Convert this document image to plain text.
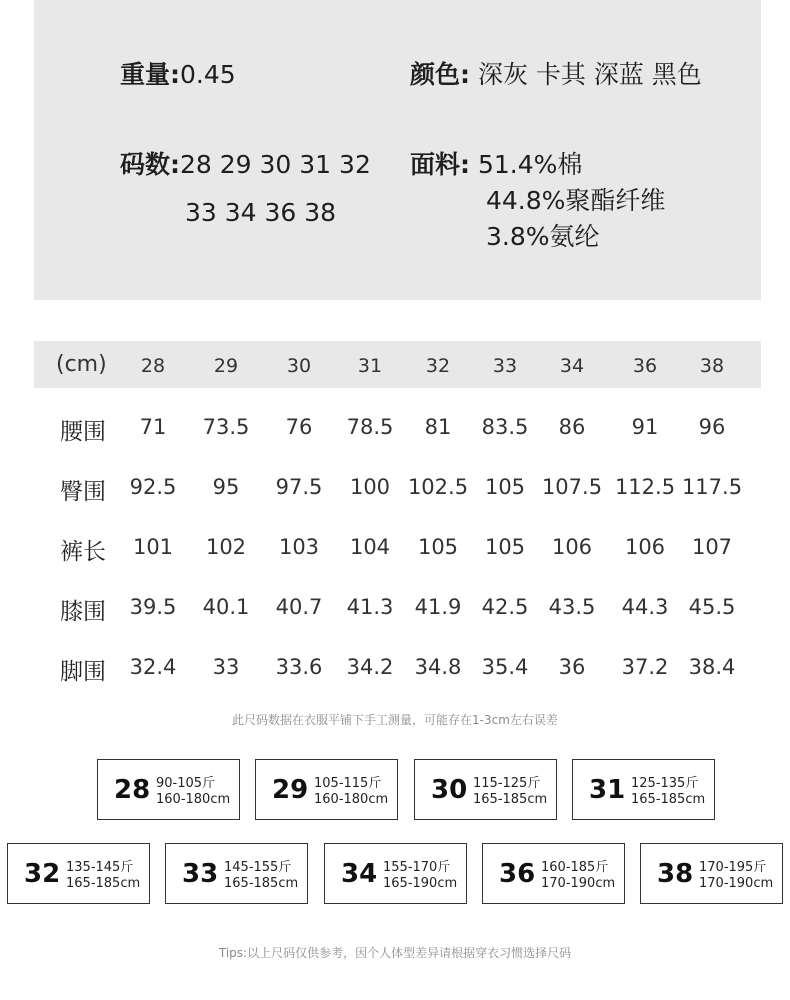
重量:0.45	颜色: 深灰 卡其 深蓝 黑色
码数:28 29 30 31 32
33 34 36 38
面料: 51.4%棉
44.8%聚酯纤维
3.8%氨纶
(cm) 28	29	30 31 32 33 34	36 38
腰围 71 73.5 76 78.5 81 83.5 86 91 96
臀围 92.5 95 97.5 100 102.5 105 107.5 112.5 117.5
裤长 101 102 103 104 105 105 106 106 107
膝围 39.5 40.1 40.7 41.3 41.9 42.5 43.5 44.3 45.5
脚围 32.4 33 33.6 34.2 34.8 35.4 36 37.2 38.4
此尺码数据在衣服平铺下手工测量，可能存在1-3cm左右误差
28 90-105斤
160-180cm 29 105-115斤
160-180cm 30 115-125斤
165-185cm 31 125-135斤
165-185cm
32 135-145斤
165-185cm 33 145-155斤
165-185cm 34 155-170斤
165-190cm 36 160-185斤
170-190cm 38 170-195斤
170-190cm
Tips:以上尺码仅供参考，因个人体型差异请根据穿衣习惯选择尺码
